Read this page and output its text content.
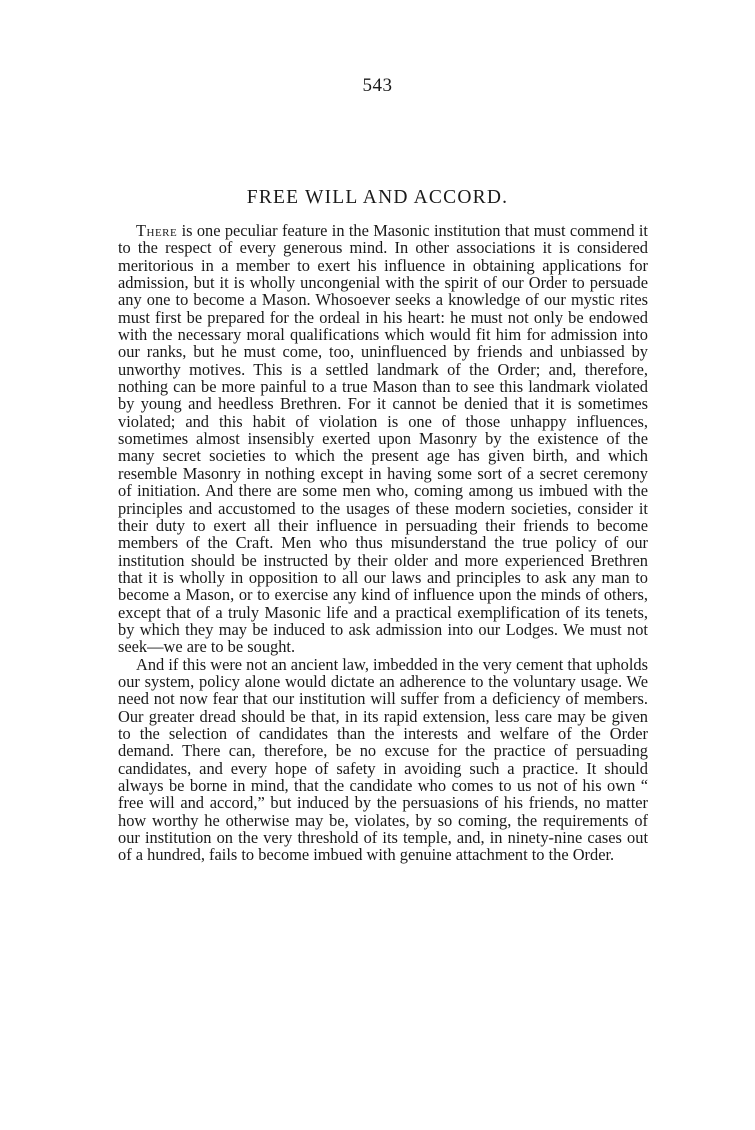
543
FREE WILL AND ACCORD.

There is one peculiar feature in the Masonic institution that must commend it to the respect of every generous mind. In other associations it is considered meritorious in a member to exert his influence in obtaining applications for admission, but it is wholly uncongenial with the spirit of our Order to persuade any one to become a Mason. Whosoever seeks a knowledge of our mystic rites must first be prepared for the ordeal in his heart: he must not only be endowed with the necessary moral qualifications which would fit him for admission into our ranks, but he must come, too, uninfluenced by friends and unbiassed by unworthy motives. This is a settled landmark of the Order; and, therefore, nothing can be more painful to a true Mason than to see this landmark violated by young and heedless Brethren. For it cannot be denied that it is sometimes violated; and this habit of violation is one of those unhappy influences, sometimes almost insensibly exerted upon Masonry by the existence of the many secret societies to which the present age has given birth, and which resemble Masonry in nothing except in having some sort of a secret ceremony of initiation. And there are some men who, coming among us imbued with the principles and accustomed to the usages of these modern societies, consider it their duty to exert all their influence in persuading their friends to become members of the Craft. Men who thus misunderstand the true policy of our institution should be instructed by their older and more experienced Brethren that it is wholly in opposition to all our laws and principles to ask any man to become a Mason, or to exercise any kind of influence upon the minds of others, except that of a truly Masonic life and a practical exemplification of its tenets, by which they may be induced to ask admission into our Lodges. We must not seek—we are to be sought.

And if this were not an ancient law, imbedded in the very cement that upholds our system, policy alone would dictate an adherence to the voluntary usage. We need not now fear that our institution will suffer from a deficiency of members. Our greater dread should be that, in its rapid extension, less care may be given to the selection of candidates than the interests and welfare of the Order demand. There can, therefore, be no excuse for the practice of persuading candidates, and every hope of safety in avoiding such a practice. It should always be borne in mind, that the candidate who comes to us not of his own “ free will and accord,” but induced by the persuasions of his friends, no matter how worthy he otherwise may be, violates, by so coming, the requirements of our institution on the very threshold of its temple, and, in ninety-nine cases out of a hundred, fails to become imbued with genuine attachment to the Order.
